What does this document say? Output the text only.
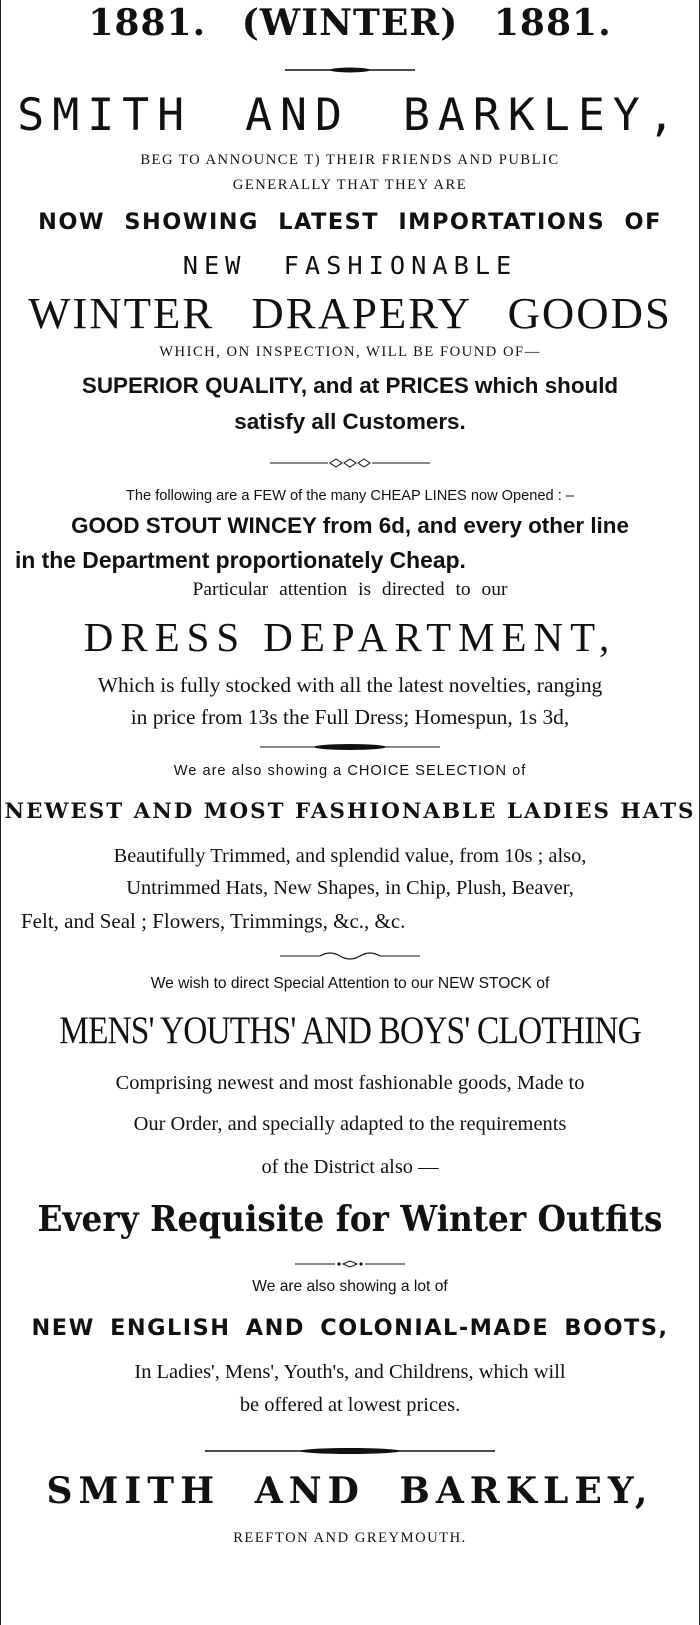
1881. (WINTER) 1881.
SMITH AND BARKLEY,
BEG TO ANNOUNCE T) THEIR FRIENDS AND PUBLIC
GENERALLY THAT THEY ARE
NOW SHOWING LATEST IMPORTATIONS OF
NEW FASHIONABLE
WINTER DRAPERY GOODS
WHICH, ON INSPECTION, WILL BE FOUND OF—
SUPERIOR QUALITY, and at PRICES which should
satisfy all Customers.
The following are a FEW of the many CHEAP LINES now Opened : –
GOOD STOUT WINCEY from 6d, and every other line
in the Department proportionately Cheap.
Particular attention is directed to our
DRESS DEPARTMENT,
Which is fully stocked with all the latest novelties, ranging
in price from 13s the Full Dress; Homespun, 1s 3d,
We are also showing a CHOICE SELECTION of
NEWEST AND MOST FASHIONABLE LADIES HATS
Beautifully Trimmed, and splendid value, from 10s ; also,
Untrimmed Hats, New Shapes, in Chip, Plush, Beaver,
Felt, and Seal ; Flowers, Trimmings, &c., &c.
We wish to direct Special Attention to our NEW STOCK of
MENS' YOUTHS' AND BOYS' CLOTHING
Comprising newest and most fashionable goods, Made to
Our Order, and specially adapted to the requirements
of the District also —
Every Requisite for Winter Outfits
We are also showing a lot of
NEW ENGLISH AND COLONIAL-MADE BOOTS,
In Ladies', Mens', Youth's, and Childrens, which will
be offered at lowest prices.
SMITH AND BARKLEY,
REEFTON AND GREYMOUTH.
